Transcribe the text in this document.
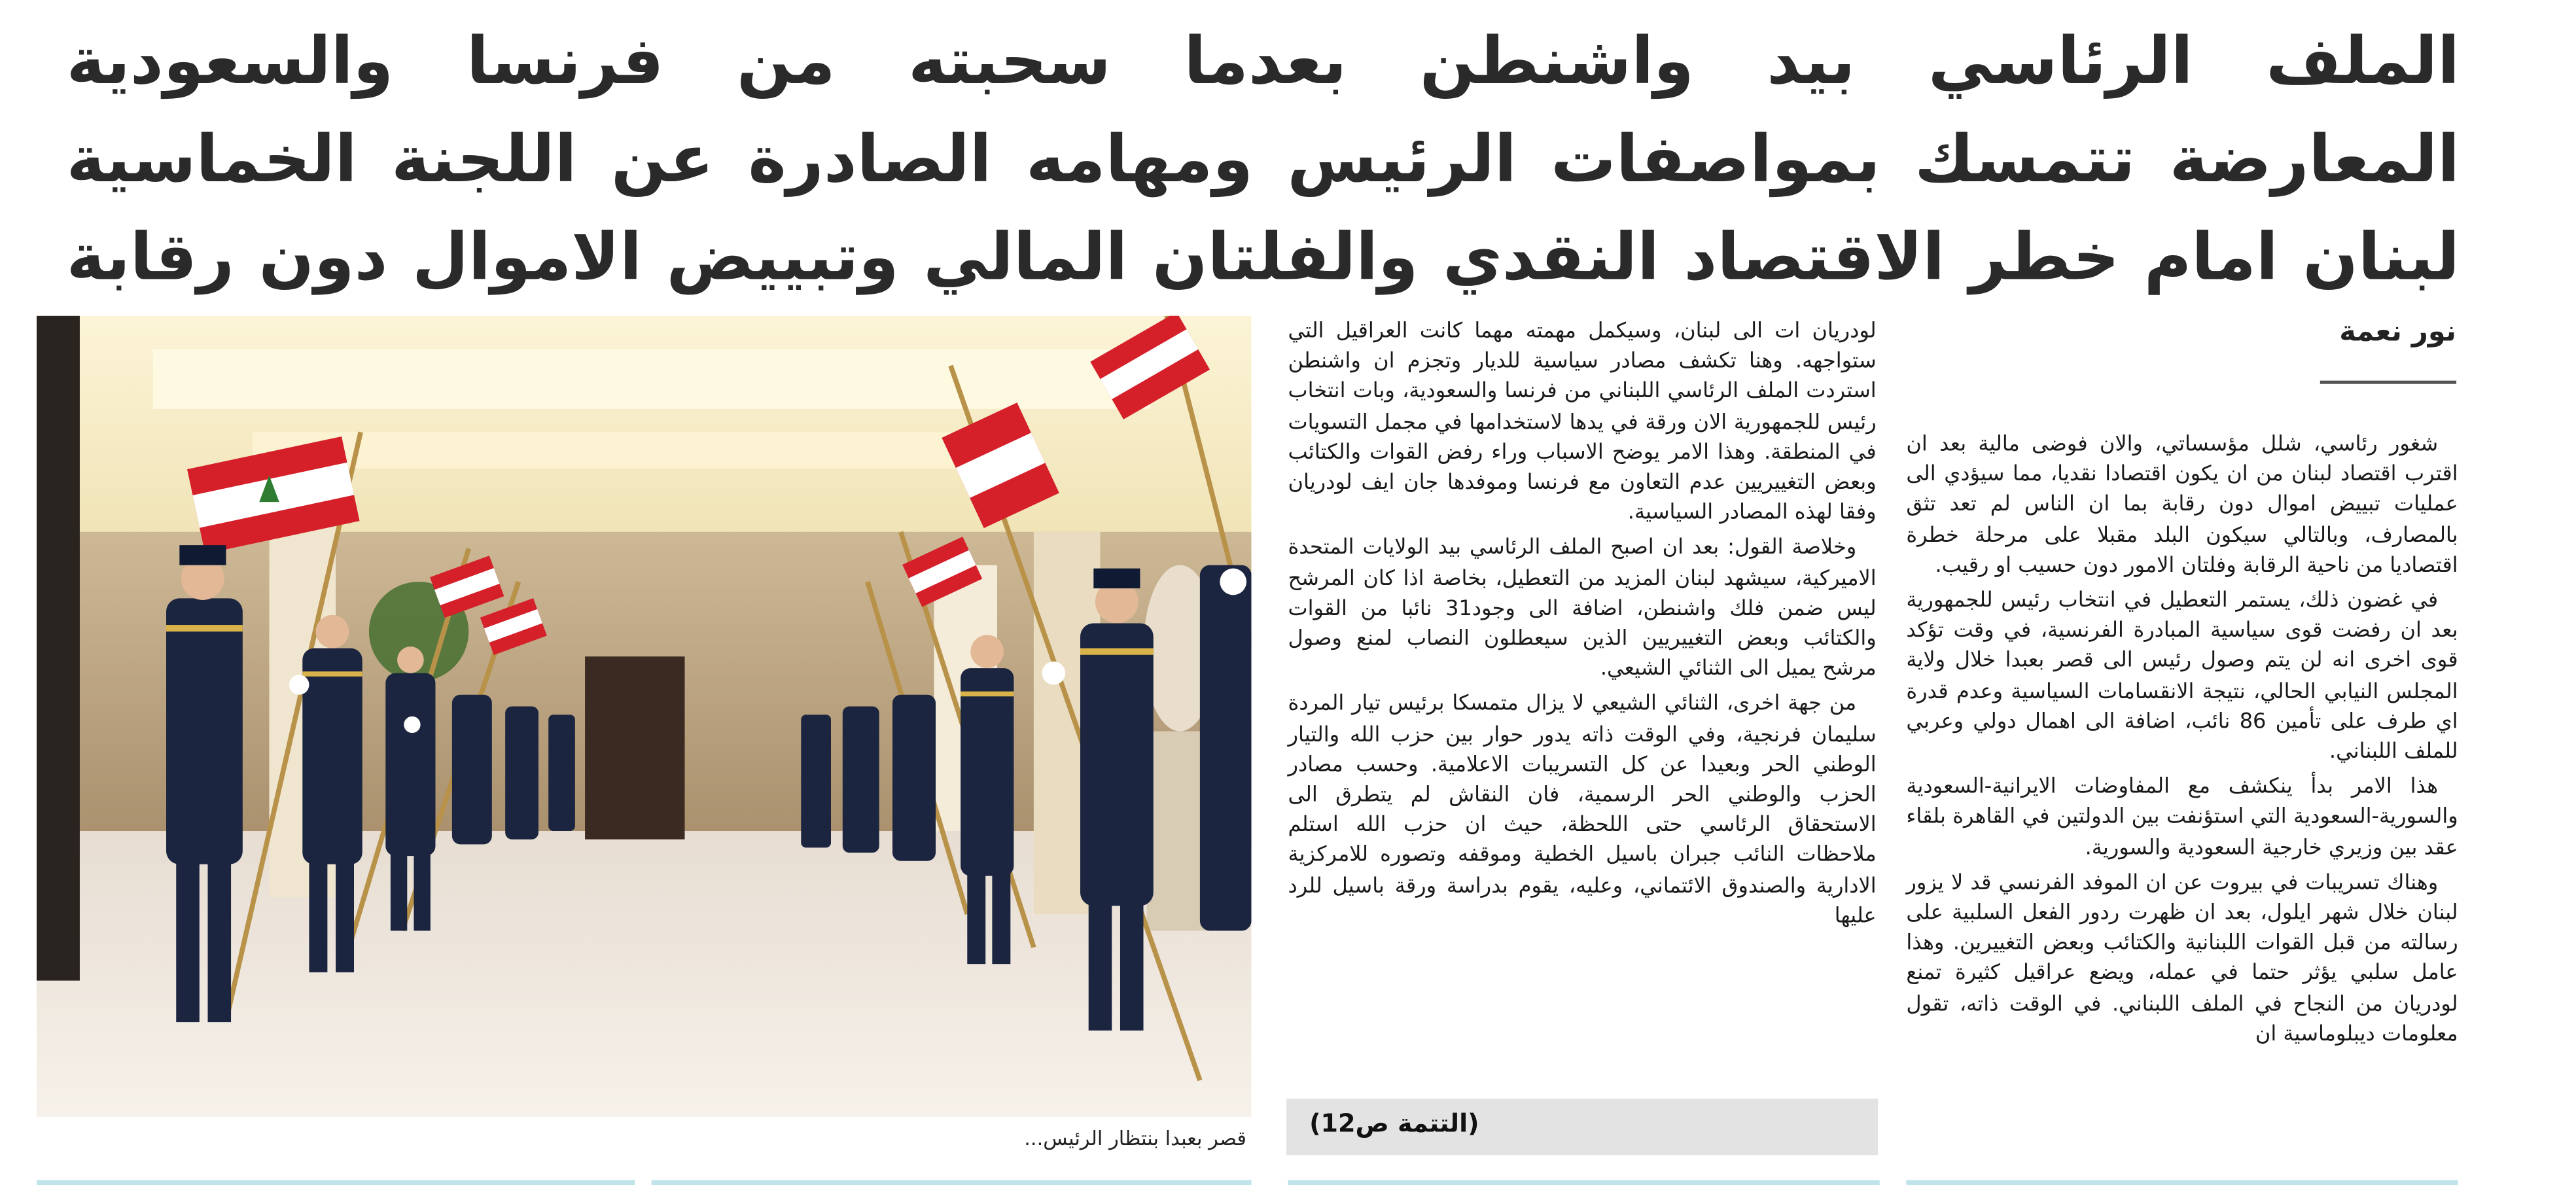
الملف الرئاسي بيد واشنطن بعدما سحبته من فرنسا والسعودية
المعارضة تتمسك بمواصفات الرئيس ومهامه الصادرة عن اللجنة الخماسية
لبنان امام خطر الاقتصاد النقدي والفلتان المالي وتبييض الاموال دون رقابة
قصر بعبدا بنتظار الرئيس...

لودريان ات الى لبنان، وسيكمل مهمته مهما كانت العراقيل التي ستواجهه. وهنا تكشف مصادر سياسية للديار وتجزم ان واشنطن استردت الملف الرئاسي اللبناني من فرنسا والسعودية، وبات انتخاب رئيس للجمهورية الان ورقة في يدها لاستخدامها في مجمل التسويات في المنطقة. وهذا الامر يوضح الاسباب وراء رفض القوات والكتائب وبعض التغييريين عدم التعاون مع فرنسا وموفدها جان ايف لودريان وفقا لهذه المصادر السياسية.

وخلاصة القول: بعد ان اصبح الملف الرئاسي بيد الولايات المتحدة الاميركية، سيشهد لبنان المزيد من التعطيل، بخاصة اذا كان المرشح ليس ضمن فلك واشنطن، اضافة الى وجود31 نائبا من القوات والكتائب وبعض التغييريين الذين سيعطلون النصاب لمنع وصول مرشح يميل الى الثنائي الشيعي.

من جهة اخرى، الثنائي الشيعي لا يزال متمسكا برئيس تيار المردة سليمان فرنجية، وفي الوقت ذاته يدور حوار بين حزب الله والتيار الوطني الحر وبعيدا عن كل التسريبات الاعلامية. وحسب مصادر الحزب والوطني الحر الرسمية، فان النقاش لم يتطرق الى الاستحقاق الرئاسي حتى اللحظة، حيث ان حزب الله استلم ملاحظات النائب جبران باسيل الخطية وموقفه وتصوره للامركزية الادارية والصندوق الائتماني، وعليه، يقوم بدراسة ورقة باسيل للرد عليها

(التتمة ص12)
نور نعمة

شغور رئاسي، شلل مؤسساتي، والان فوضى مالية بعد ان اقترب اقتصاد لبنان من ان يكون اقتصادا نقديا، مما سيؤدي الى عمليات تبييض اموال دون رقابة بما ان الناس لم تعد تثق بالمصارف، وبالتالي سيكون البلد مقبلا على مرحلة خطرة اقتصاديا من ناحية الرقابة وفلتان الامور دون حسيب او رقيب.

في غضون ذلك، يستمر التعطيل في انتخاب رئيس للجمهورية بعد ان رفضت قوى سياسية المبادرة الفرنسية، في وقت تؤكد قوى اخرى انه لن يتم وصول رئيس الى قصر بعبدا خلال ولاية المجلس النيابي الحالي، نتيجة الانقسامات السياسية وعدم قدرة اي طرف على تأمين 86 نائب، اضافة الى اهمال دولي وعربي للملف اللبناني.

هذا الامر بدأ ينكشف مع المفاوضات الايرانية-السعودية والسورية-السعودية التي استؤنفت بين الدولتين في القاهرة بلقاء عقد بين وزيري خارجية السعودية والسورية.

وهناك تسريبات في بيروت عن ان الموفد الفرنسي قد لا يزور لبنان خلال شهر ايلول، بعد ان ظهرت ردور الفعل السلبية على رسالته من قبل القوات اللبنانية والكتائب وبعض التغييرين. وهذا عامل سلبي يؤثر حتما في عمله، ويضع عراقيل كثيرة تمنع لودريان من النجاح في الملف اللبناني. في الوقت ذاته، تقول معلومات ديبلوماسية ان
